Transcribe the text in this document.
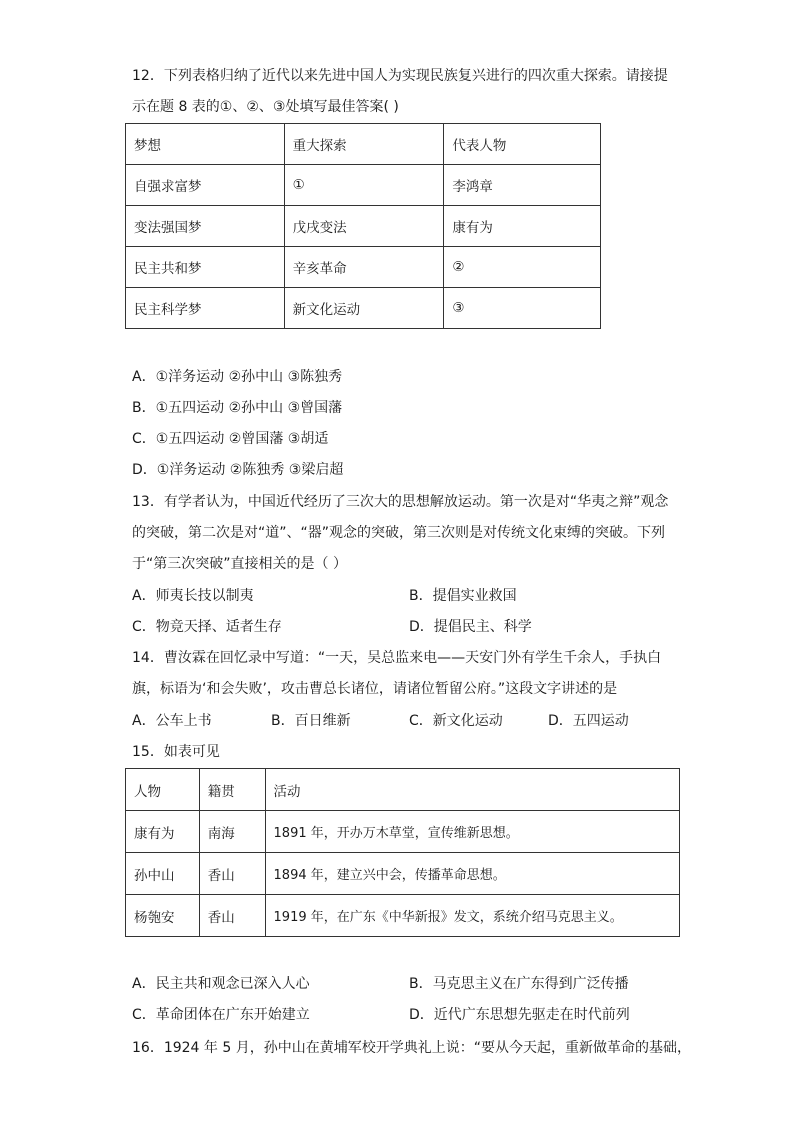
12．下列表格归纳了近代以来先进中国人为实现民族复兴进行的四次重大探索。请接提
示在题 8 表的①、②、③处填写最佳答案( )
梦想	重大探索	代表人物
自强求富梦	①	李鸿章
变法强国梦	戊戌变法	康有为
民主共和梦	辛亥革命	②
民主科学梦	新文化运动	③
A．①洋务运动 ②孙中山 ③陈独秀
B．①五四运动 ②孙中山 ③曾国藩
C．①五四运动 ②曾国藩 ③胡适
D．①洋务运动 ②陈独秀 ③梁启超
13．有学者认为，中国近代经历了三次大的思想解放运动。第一次是对“华夷之辩”观念
的突破，第二次是对“道”、“器”观念的突破，第三次则是对传统文化束缚的突破。下列
于“第三次突破”直接相关的是（ ）
A．师夷长技以制夷	B．提倡实业救国
C．物竞天择、适者生存	D．提倡民主、科学
14．曹汝霖在回忆录中写道：“一天，吴总监来电——天安门外有学生千余人，手执白
旗，标语为‘和会失败’，攻击曹总长诸位，请诸位暂留公府。”这段文字讲述的是
A．公车上书	B．百日维新	C．新文化运动	D．五四运动
15．如表可见
人物	籍贯	活动
康有为	南海	1891 年，开办万木草堂，宣传维新思想。
孙中山	香山	1894 年，建立兴中会，传播革命思想。
杨匏安	香山	1919 年，在广东《中华新报》发文，系统介绍马克思主义。
A．民主共和观念已深入人心	B．马克思主义在广东得到广泛传播
C．革命团体在广东开始建立	D．近代广东思想先驱走在时代前列
16．1924 年 5 月，孙中山在黄埔军校开学典礼上说：“要从今天起，重新做革命的基础，
